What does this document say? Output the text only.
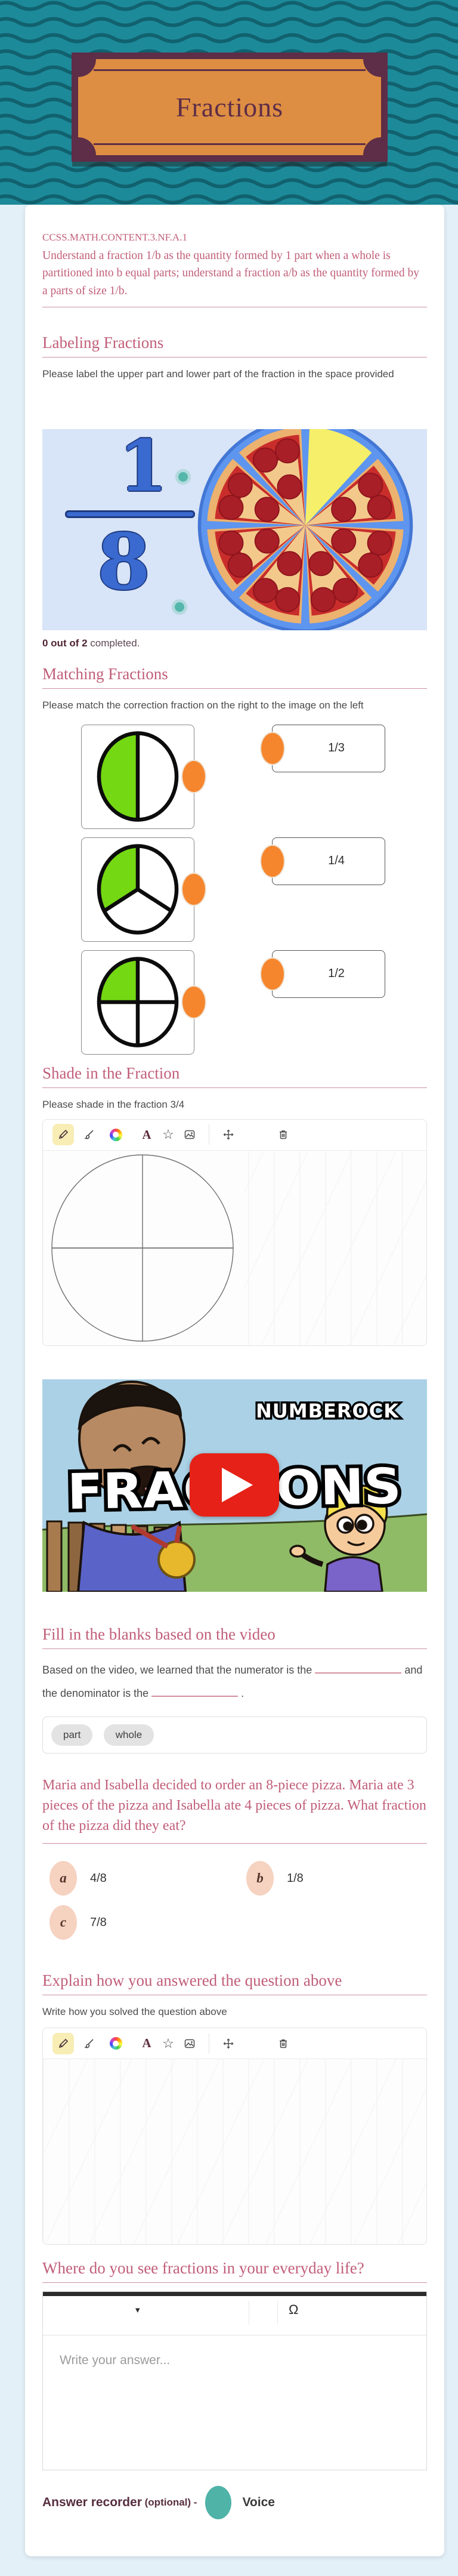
Fractions
CCSS.MATH.CONTENT.3.NF.A.1
Understand a fraction 1/b as the quantity formed by 1 part when a whole is partitioned into b equal parts; understand a fraction a/b as the quantity formed by a parts of size 1/b.
Labeling Fractions
Please label the upper part and lower part of the fraction in the space provided
1
8
0 out of 2 completed.
Matching Fractions
Please match the correction fraction on the right to the image on the left
1/3
1/4
1/2
Shade in the Fraction
Please shade in the fraction 3/4
A ☆
NUMBEROCK
Fill in the blanks based on the video
Based on the video, we learned that the numerator is the	and the denominator is the	.
part	whole
Maria and Isabella decided to order an 8-piece pizza. Maria ate 3 pieces of the pizza and Isabella ate 4 pieces of pizza. What fraction of the pizza did they eat?
a	4/8	b	1/8
c	7/8
Explain how you answered the question above
Write how you solved the question above
A ☆
Where do you see fractions in your everyday life?
▾	Ω
Write your answer...
Answer recorder
(optional) -	Voice
